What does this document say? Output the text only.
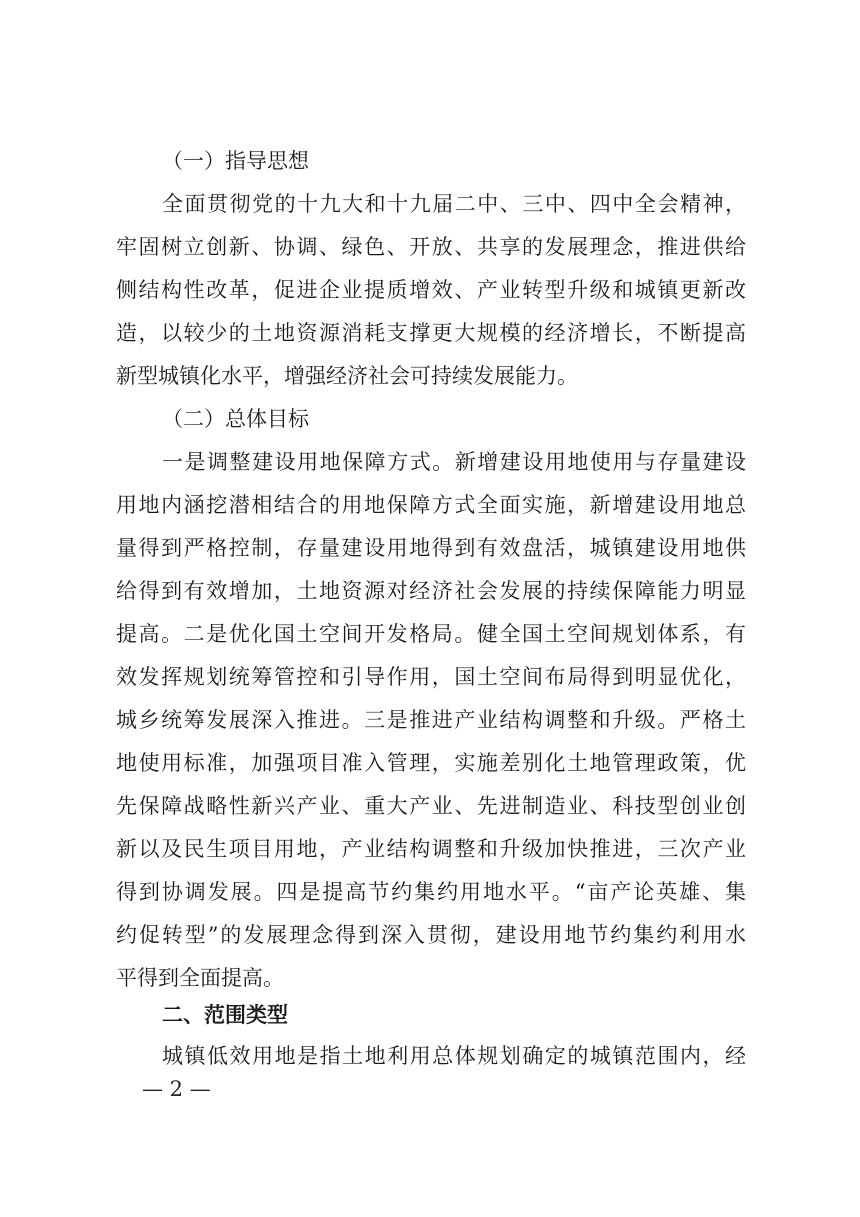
（一）指导思想
全面贯彻党的十九大和十九届二中、三中、四中全会精神，
牢固树立创新、协调、绿色、开放、共享的发展理念，推进供给
侧结构性改革，促进企业提质增效、产业转型升级和城镇更新改
造，以较少的土地资源消耗支撑更大规模的经济增长，不断提高
新型城镇化水平，增强经济社会可持续发展能力。
（二）总体目标
一是调整建设用地保障方式。新增建设用地使用与存量建设
用地内涵挖潜相结合的用地保障方式全面实施，新增建设用地总
量得到严格控制，存量建设用地得到有效盘活，城镇建设用地供
给得到有效增加，土地资源对经济社会发展的持续保障能力明显
提高。二是优化国土空间开发格局。健全国土空间规划体系，有
效发挥规划统筹管控和引导作用，国土空间布局得到明显优化，
城乡统筹发展深入推进。三是推进产业结构调整和升级。严格土
地使用标准，加强项目准入管理，实施差别化土地管理政策，优
先保障战略性新兴产业、重大产业、先进制造业、科技型创业创
新以及民生项目用地，产业结构调整和升级加快推进，三次产业
得到协调发展。四是提高节约集约用地水平。“亩产论英雄、集
约促转型”的发展理念得到深入贯彻，建设用地节约集约利用水
平得到全面提高。
二、范围类型
城镇低效用地是指土地利用总体规划确定的城镇范围内，经
— 2 —
